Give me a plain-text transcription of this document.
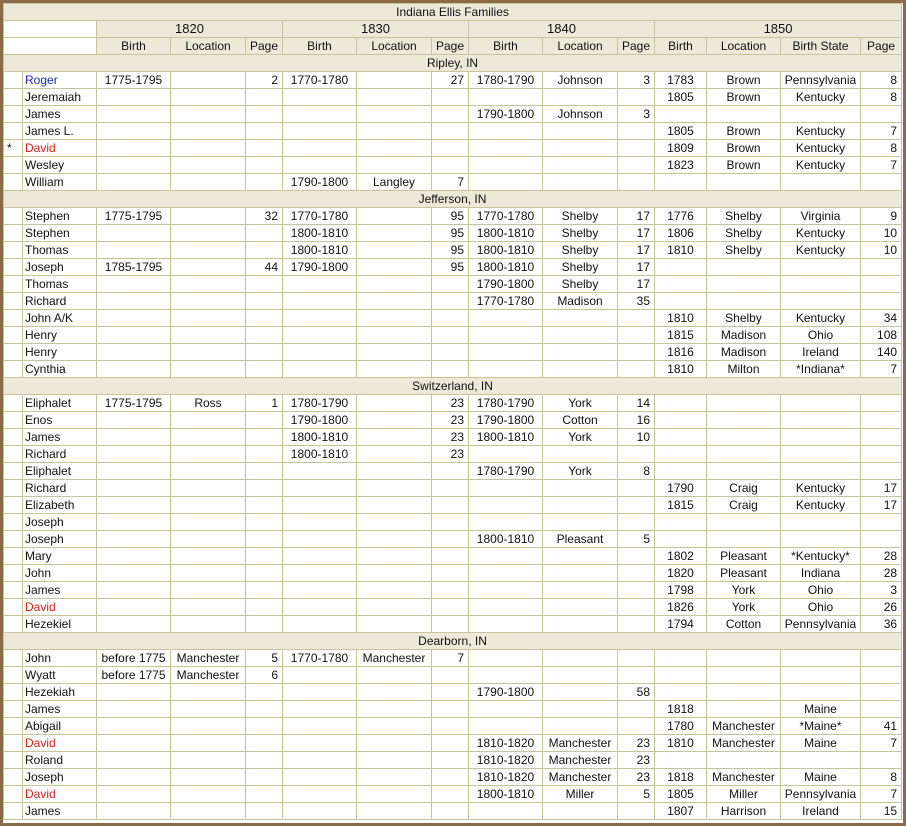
Indiana Ellis Families														
		1820			1830			1840			1850			
		Birth	Location	Page	Birth	Location	Page	Birth	Location	Page	Birth	Location	Birth State	Page
Ripley, IN														
	Roger	1775-1795		2	1770-1780		27	1780-1790	Johnson	3	1783	Brown	Pennsylvania	8
	Jeremaiah										1805	Brown	Kentucky	8
	James							1790-1800	Johnson	3				
	James L.										1805	Brown	Kentucky	7
*	David										1809	Brown	Kentucky	8
	Wesley										1823	Brown	Kentucky	7
	William				1790-1800	Langley	7							
Jefferson, IN														
	Stephen	1775-1795		32	1770-1780		95	1770-1780	Shelby	17	1776	Shelby	Virginia	9
	Stephen				1800-1810		95	1800-1810	Shelby	17	1806	Shelby	Kentucky	10
	Thomas				1800-1810		95	1800-1810	Shelby	17	1810	Shelby	Kentucky	10
	Joseph	1785-1795		44	1790-1800		95	1800-1810	Shelby	17				
	Thomas							1790-1800	Shelby	17				
	Richard							1770-1780	Madison	35				
	John A/K										1810	Shelby	Kentucky	34
	Henry										1815	Madison	Ohio	108
	Henry										1816	Madison	Ireland	140
	Cynthia										1810	Milton	*Indiana*	7
Switzerland, IN														
	Eliphalet	1775-1795	Ross	1	1780-1790		23	1780-1790	York	14				
	Enos				1790-1800		23	1790-1800	Cotton	16				
	James				1800-1810		23	1800-1810	York	10				
	Richard				1800-1810		23							
	Eliphalet							1780-1790	York	8				
	Richard										1790	Craig	Kentucky	17
	Elizabeth										1815	Craig	Kentucky	17
	Joseph													
	Joseph							1800-1810	Pleasant	5				
	Mary										1802	Pleasant	*Kentucky*	28
	John										1820	Pleasant	Indiana	28
	James										1798	York	Ohio	3
	David										1826	York	Ohio	26
	Hezekiel										1794	Cotton	Pennsylvania	36
Dearborn, IN														
	John	before 1775	Manchester	5	1770-1780	Manchester	7							
	Wyatt	before 1775	Manchester	6										
	Hezekiah							1790-1800		58				
	James										1818		Maine	
	Abigail										1780	Manchester	*Maine*	41
	David							1810-1820	Manchester	23	1810	Manchester	Maine	7
	Roland							1810-1820	Manchester	23				
	Joseph							1810-1820	Manchester	23	1818	Manchester	Maine	8
	David							1800-1810	Miller	5	1805	Miller	Pennsylvania	7
	James										1807	Harrison	Ireland	15
